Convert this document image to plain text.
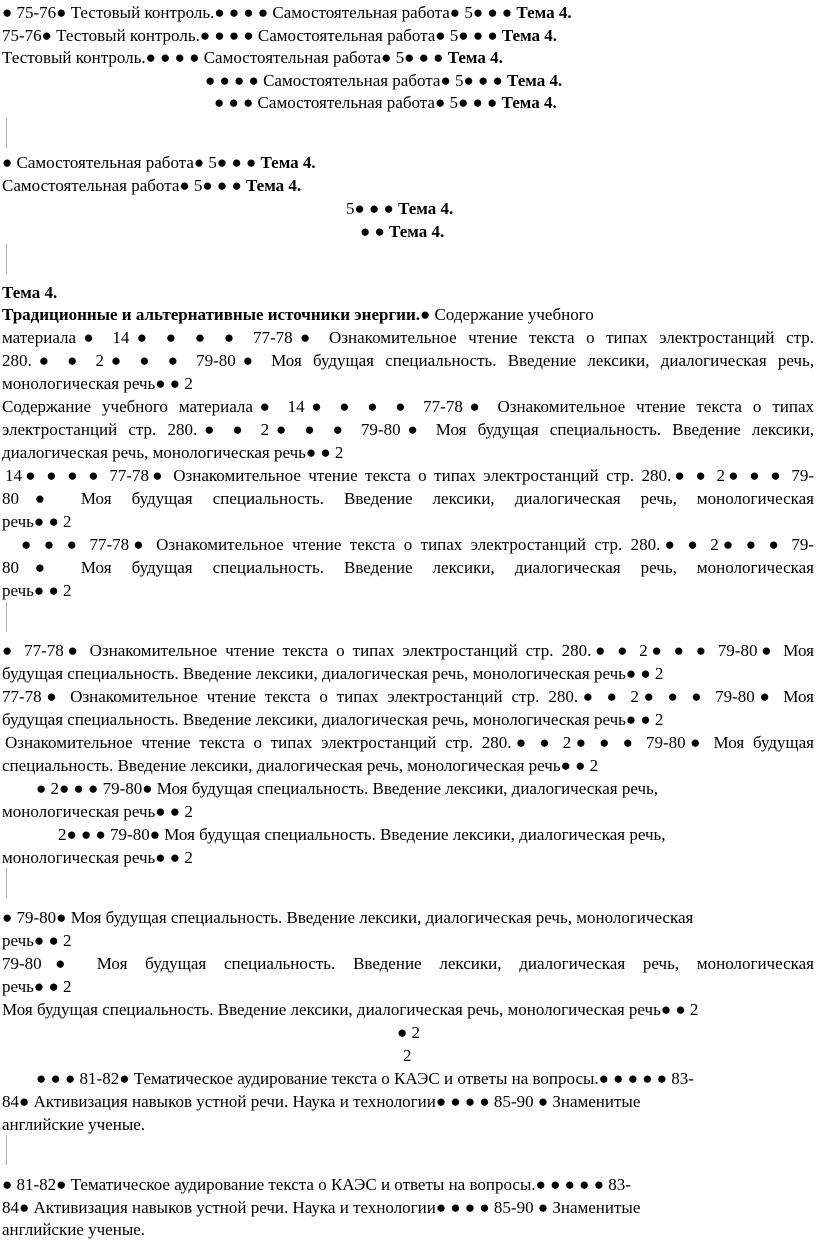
● 75-76● Тестовый контроль.● ● ● ● Самостоятельная работа● 5● ● ● Тема 4.
75-76● Тестовый контроль.● ● ● ● Самостоятельная работа● 5● ● ● Тема 4.
Тестовый контроль.● ● ● ● Самостоятельная работа● 5● ● ● Тема 4.
● ● ● ● Самостоятельная работа● 5● ● ● Тема 4.
● ● ● Самостоятельная работа● 5● ● ● Тема 4.
● Самостоятельная работа● 5● ● ● Тема 4.
Самостоятельная работа● 5● ● ● Тема 4.
5● ● ● Тема 4.
● ● Тема 4.
Тема 4.
Традиционные и альтернативные источники энергии.● Содержание учебного
материала● 14● ● ● ● 77-78● Ознакомительное чтение текста о типах электростанций стр.
280.● ● 2● ● ● 79-80● Моя будущая специальность. Введение лексики, диалогическая речь,
монологическая речь● ● 2
Содержание учебного материала● 14● ● ● ● 77-78● Ознакомительное чтение текста о типах
электростанций стр. 280.● ● 2● ● ● 79-80● Моя будущая специальность. Введение лексики,
диалогическая речь, монологическая речь● ● 2
14● ● ● ● 77-78● Ознакомительное чтение текста о типах электростанций стр. 280.● ● 2● ● ● 79-
80● Моя будущая специальность. Введение лексики, диалогическая речь, монологическая
речь● ● 2
● ● ● 77-78● Ознакомительное чтение текста о типах электростанций стр. 280.● ● 2● ● ● 79-
80● Моя будущая специальность. Введение лексики, диалогическая речь, монологическая
речь● ● 2
● 77-78● Ознакомительное чтение текста о типах электростанций стр. 280.● ● 2● ● ● 79-80● Моя
будущая специальность. Введение лексики, диалогическая речь, монологическая речь● ● 2
77-78● Ознакомительное чтение текста о типах электростанций стр. 280.● ● 2● ● ● 79-80● Моя
будущая специальность. Введение лексики, диалогическая речь, монологическая речь● ● 2
Ознакомительное чтение текста о типах электростанций стр. 280.● ● 2● ● ● 79-80● Моя будущая
специальность. Введение лексики, диалогическая речь, монологическая речь● ● 2
● 2● ● ● 79-80● Моя будущая специальность. Введение лексики, диалогическая речь,
монологическая речь● ● 2
2● ● ● 79-80● Моя будущая специальность. Введение лексики, диалогическая речь,
монологическая речь● ● 2
● 79-80● Моя будущая специальность. Введение лексики, диалогическая речь, монологическая
речь● ● 2
79-80● Моя будущая специальность. Введение лексики, диалогическая речь, монологическая
речь● ● 2
Моя будущая специальность. Введение лексики, диалогическая речь, монологическая речь● ● 2
● 2
2
● ● ● 81-82● Тематическое аудирование текста о КАЭС и ответы на вопросы.● ● ● ● ● 83-
84● Активизация навыков устной речи. Наука и технологии● ● ● ● 85-90 ● Знаменитые
английские ученые.
● 81-82● Тематическое аудирование текста о КАЭС и ответы на вопросы.● ● ● ● ● 83-
84● Активизация навыков устной речи. Наука и технологии● ● ● ● 85-90 ● Знаменитые
английские ученые.
